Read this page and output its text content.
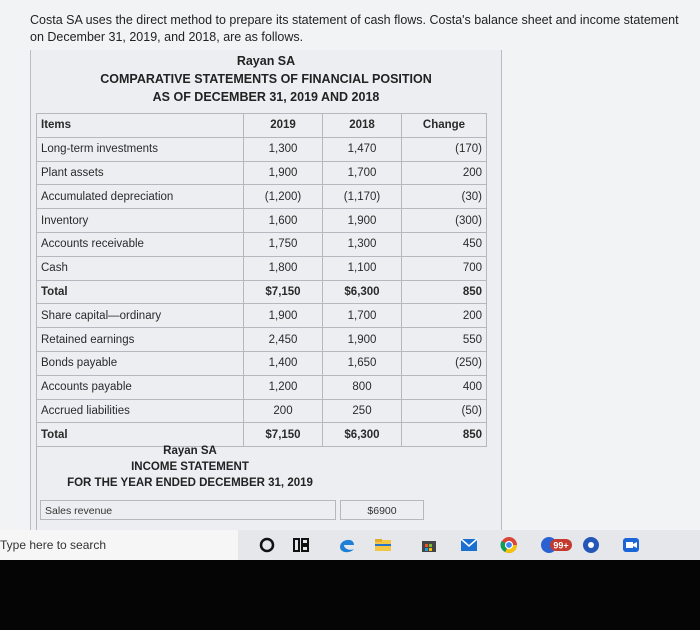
Costa SA uses the direct method to prepare its statement of cash flows. Costa's balance sheet and income statement on December 31, 2019, and 2018, are as follows.
Rayan SA
COMPARATIVE STATEMENTS OF FINANCIAL POSITION
AS OF DECEMBER 31, 2019 AND 2018
Items	2019	2018	Change
Long-term investments	1,300	1,470	(170)
Plant assets	1,900	1,700	200
Accumulated depreciation	(1,200)	(1,170)	(30)
Inventory	1,600	1,900	(300)
Accounts receivable	1,750	1,300	450
Cash	1,800	1,100	700
Total	$7,150	$6,300	850
Share capital—ordinary	1,900	1,700	200
Retained earnings	2,450	1,900	550
Bonds payable	1,400	1,650	(250)
Accounts payable	1,200	800	400
Accrued liabilities	200	250	(50)
Total	$7,150	$6,300	850
Rayan SA
INCOME STATEMENT
FOR THE YEAR ENDED DECEMBER 31, 2019
Sales revenue	$6900
Type here to search	99+
